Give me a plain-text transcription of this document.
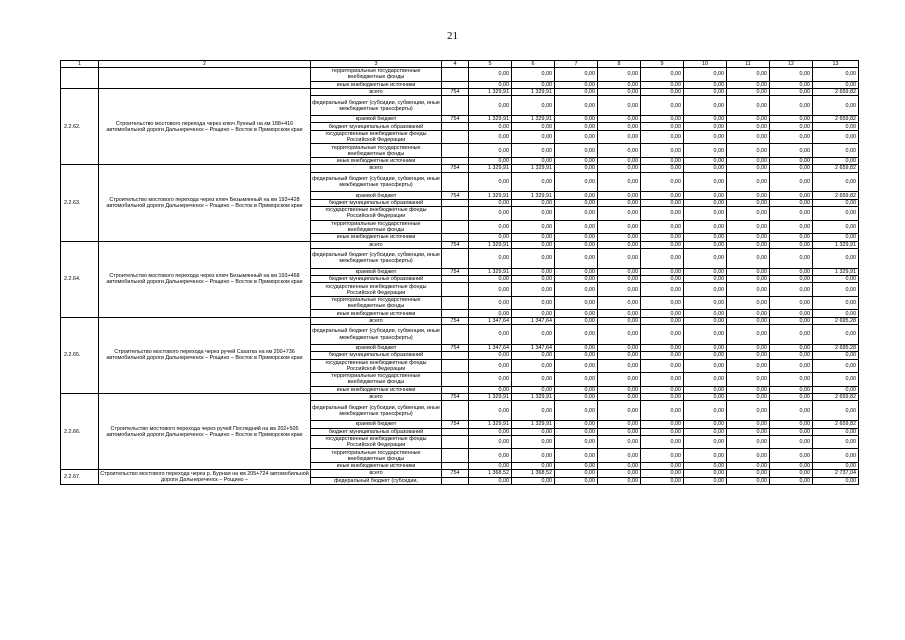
21
1	2	3	4	5	6	7	8	9	10	11	12	13
		территориальные государственные внебюджетные фонды		0,00	0,00	0,00	0,00	0,00	0,00	0,00	0,00	0,00
		иные внебюджетные источники		0,00	0,00	0,00	0,00	0,00	0,00	0,00	0,00	0,00
2.2.62.	Строительство мостового перехода через ключ Лунный на км 188+416 автомобильной дороги Дальнереченск – Рощино – Восток в Приморском крае	всего	754	1 329,91	1 329,91	0,00	0,00	0,00	0,00	0,00	0,00	2 659,82
		федеральный бюджет (субсидии, субвенции, иные межбюджетные трансферты)		0,00	0,00	0,00	0,00	0,00	0,00	0,00	0,00	0,00
		краевой бюджет	754	1 329,91	1 329,91	0,00	0,00	0,00	0,00	0,00	0,00	2 659,82
		бюджет муниципальных образований		0,00	0,00	0,00	0,00	0,00	0,00	0,00	0,00	0,00
		государственные внебюджетные фонды Российской Федерации		0,00	0,00	0,00	0,00	0,00	0,00	0,00	0,00	0,00
		территориальные государственные внебюджетные фонды		0,00	0,00	0,00	0,00	0,00	0,00	0,00	0,00	0,00
		иные внебюджетные источники		0,00	0,00	0,00	0,00	0,00	0,00	0,00	0,00	0,00
2.2.63.	Строительство мостового перехода через ключ Безымянный на км 193+428 автомобильной дороги Дальнереченск – Рощино – Восток в Приморском крае	всего	754	1 329,91	1 329,91	0,00	0,00	0,00	0,00	0,00	0,00	2 659,82
		федеральный бюджет (субсидии, субвенции, иные межбюджетные трансферты)		0,00	0,00	0,00	0,00	0,00	0,00	0,00	0,00	0,00
		краевой бюджет	754	1 329,91	1 329,91	0,00	0,00	0,00	0,00	0,00	0,00	2 659,82
		бюджет муниципальных образований		0,00	0,00	0,00	0,00	0,00	0,00	0,00	0,00	0,00
		государственные внебюджетные фонды Российской Федерации		0,00	0,00	0,00	0,00	0,00	0,00	0,00	0,00	0,00
		территориальные государственные внебюджетные фонды		0,00	0,00	0,00	0,00	0,00	0,00	0,00	0,00	0,00
		иные внебюджетные источники		0,00	0,00	0,00	0,00	0,00	0,00	0,00	0,00	0,00
2.2.64.	Строительство мостового перехода через ключ Безымянный на км 193+468 автомобильной дороги Дальнереченск – Рощино – Восток в Приморском крае	всего	754	1 329,91	0,00	0,00	0,00	0,00	0,00	0,00	0,00	1 329,91
		федеральный бюджет (субсидии, субвенции, иные межбюджетные трансферты)		0,00	0,00	0,00	0,00	0,00	0,00	0,00	0,00	0,00
		краевой бюджет	754	1 329,91	0,00	0,00	0,00	0,00	0,00	0,00	0,00	1 329,91
		бюджет муниципальных образований		0,00	0,00	0,00	0,00	0,00	0,00	0,00	0,00	0,00
		государственные внебюджетные фонды Российской Федерации		0,00	0,00	0,00	0,00	0,00	0,00	0,00	0,00	0,00
		территориальные государственные внебюджетные фонды		0,00	0,00	0,00	0,00	0,00	0,00	0,00	0,00	0,00
		иные внебюджетные источники		0,00	0,00	0,00	0,00	0,00	0,00	0,00	0,00	0,00
2.2.65.	Строительство мостового перехода через ручей Сахатка на км 200+736 автомобильной дороги Дальнереченск – Рощино – Восток в Приморском крае	всего	754	1 347,64	1 347,64	0,00	0,00	0,00	0,00	0,00	0,00	2 695,28
		федеральный бюджет (субсидии, субвенции, иные межбюджетные трансферты)		0,00	0,00	0,00	0,00	0,00	0,00	0,00	0,00	0,00
		краевой бюджет	754	1 347,64	1 347,64	0,00	0,00	0,00	0,00	0,00	0,00	2 695,28
		бюджет муниципальных образований		0,00	0,00	0,00	0,00	0,00	0,00	0,00	0,00	0,00
		государственные внебюджетные фонды Российской Федерации		0,00	0,00	0,00	0,00	0,00	0,00	0,00	0,00	0,00
		территориальные государственные внебюджетные фонды		0,00	0,00	0,00	0,00	0,00	0,00	0,00	0,00	0,00
		иные внебюджетные источники		0,00	0,00	0,00	0,00	0,00	0,00	0,00	0,00	0,00
2.2.66.	Строительство мостового перехода через ручей Последний на км 202+505 автомобильной дороги Дальнереченск – Рощино – Восток в Приморском крае	всего	754	1 329,91	1 329,91	0,00	0,00	0,00	0,00	0,00	0,00	2 659,82
		федеральный бюджет (субсидии, субвенции, иные межбюджетные трансферты)		0,00	0,00	0,00	0,00	0,00	0,00	0,00	0,00	0,00
		краевой бюджет	754	1 329,91	1 329,91	0,00	0,00	0,00	0,00	0,00	0,00	2 659,82
		бюджет муниципальных образований		0,00	0,00	0,00	0,00	0,00	0,00	0,00	0,00	0,00
		государственные внебюджетные фонды Российской Федерации		0,00	0,00	0,00	0,00	0,00	0,00	0,00	0,00	0,00
		территориальные государственные внебюджетные фонды		0,00	0,00	0,00	0,00	0,00	0,00	0,00	0,00	0,00
		иные внебюджетные источники		0,00	0,00	0,00	0,00	0,00	0,00	0,00	0,00	0,00
2.2.67.	Строительство мостового перехода через р. Бурная на км 205+724 автомобильной дороги Дальнереченск – Рощино –	всего	754	1 368,52	1 368,52	0,00	0,00	0,00	0,00	0,00	0,00	2 737,04
		федеральный бюджет (субсидии,		0,00	0,00	0,00	0,00	0,00	0,00	0,00	0,00	0,00
